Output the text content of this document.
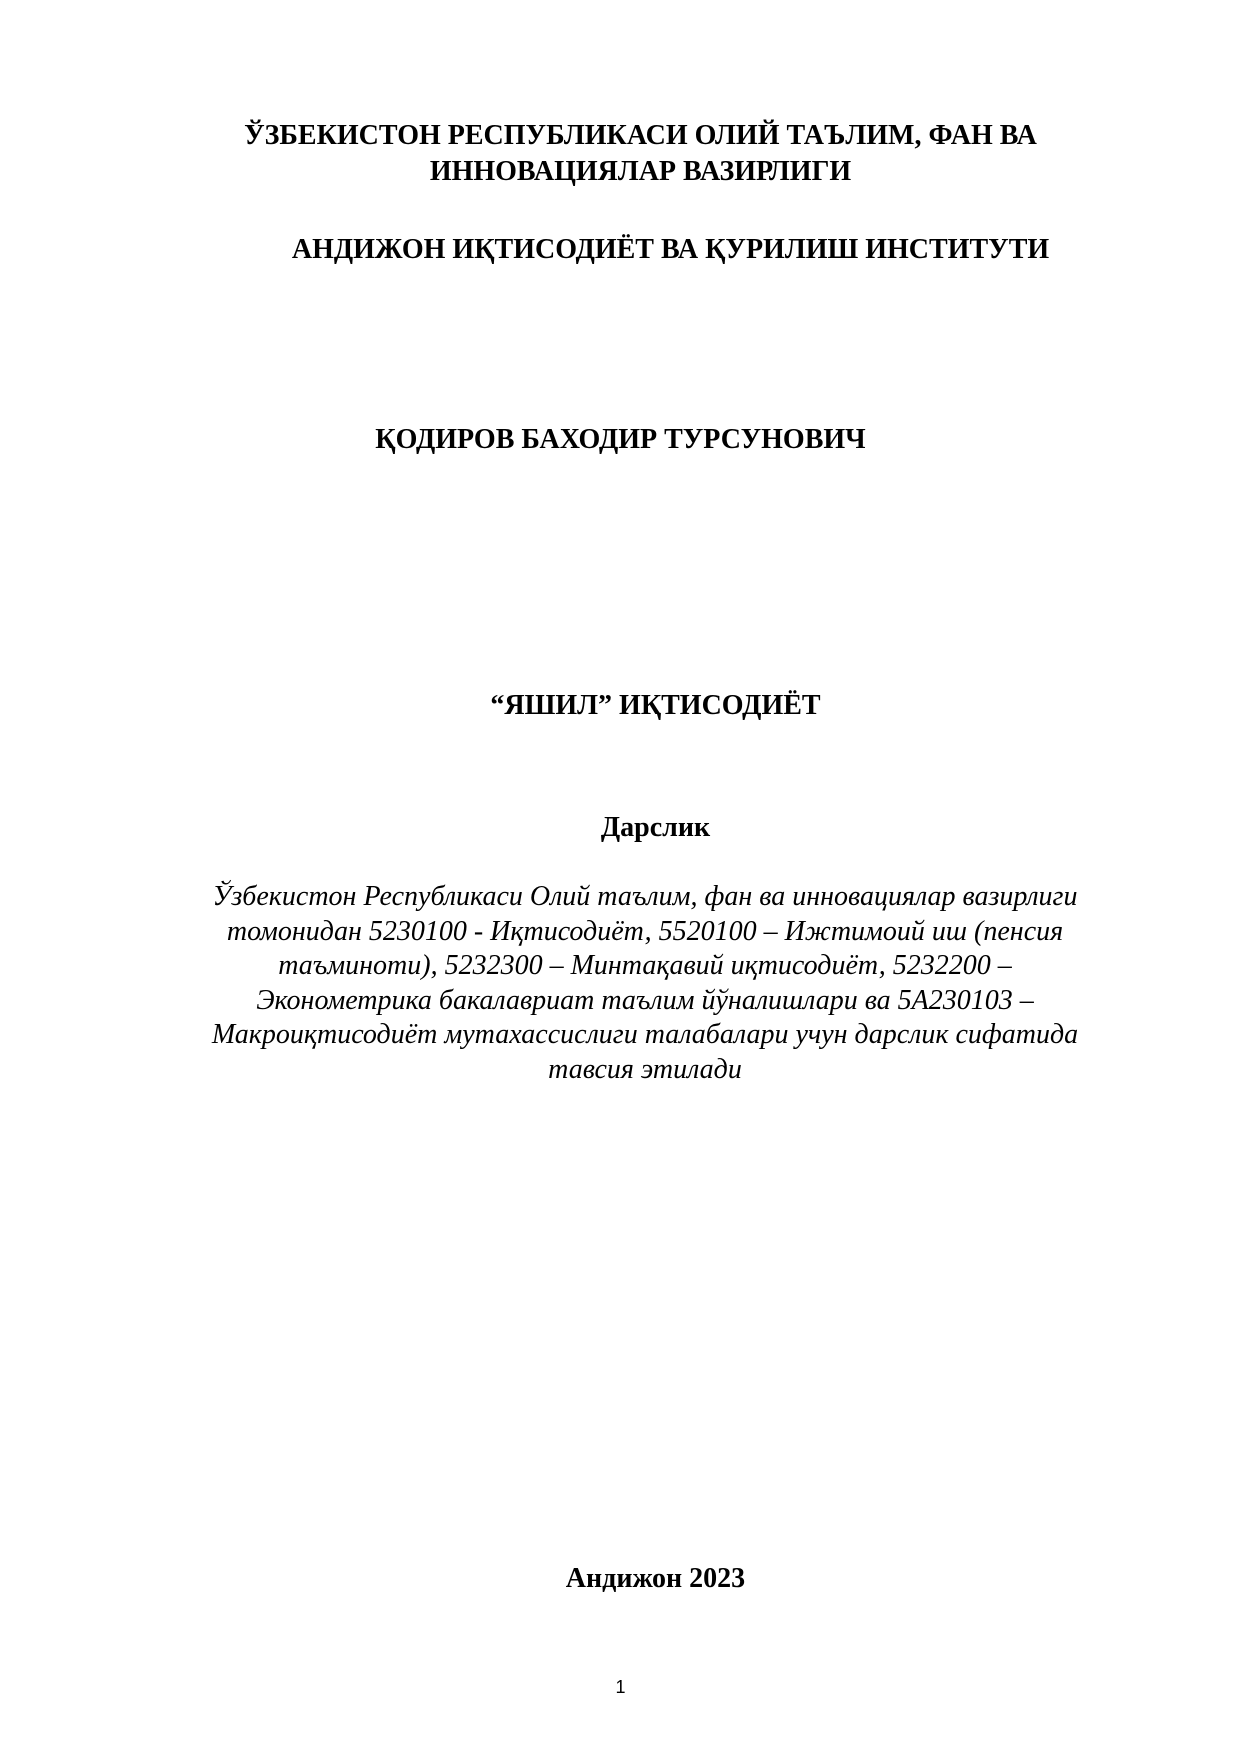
ЎЗБЕКИСТОН РЕСПУБЛИКАСИ ОЛИЙ ТАЪЛИМ, ФАН ВА
ИННОВАЦИЯЛАР ВАЗИРЛИГИ
АНДИЖОН ИҚТИСОДИЁТ ВА ҚУРИЛИШ ИНСТИТУТИ
ҚОДИРОВ БАХОДИР ТУРСУНОВИЧ
“ЯШИЛ” ИҚТИСОДИЁТ
Дарслик
Ўзбекистон Республикаси Олий таълим, фан ва инновациялар вазирлиги
томонидан 5230100 - Иқтисодиёт, 5520100 – Ижтимоий иш (пенсия
таъминоти), 5232300 – Минтақавий иқтисодиёт, 5232200 –
Эконометрика бакалавриат таълим йўналишлари ва 5А230103 –
Макроиқтисодиёт мутахассислиги талабалари учун дарслик сифатида
тавсия этилади
Андижон 2023
1
